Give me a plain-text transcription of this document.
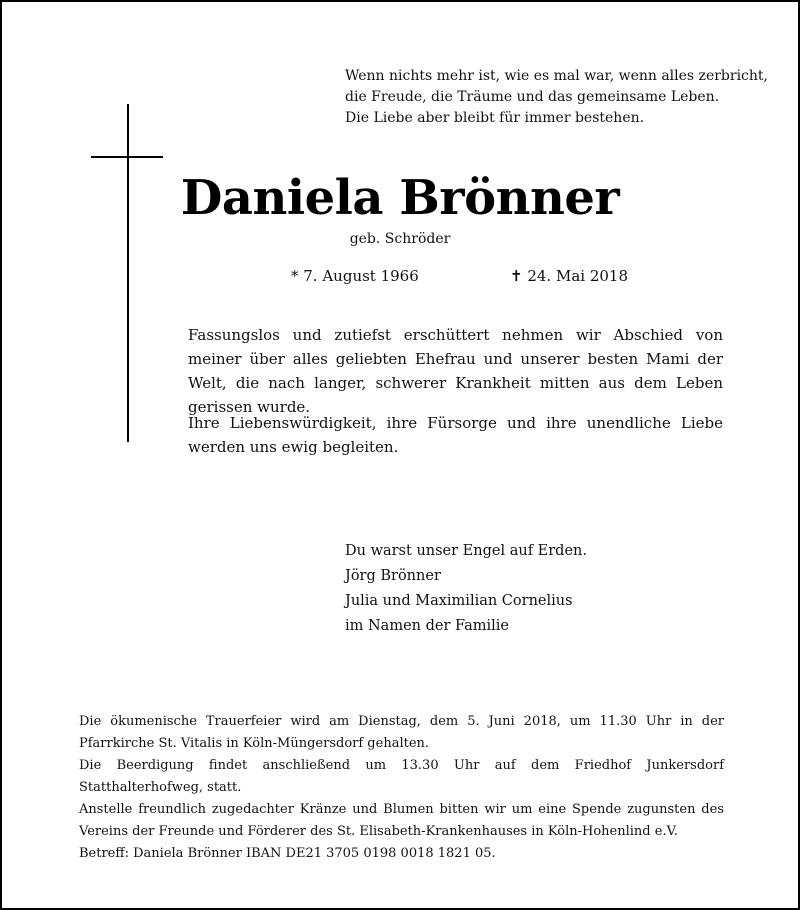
Wenn nichts mehr ist, wie es mal war, wenn alles zerbricht,
die Freude, die Träume und das gemeinsame Leben.
Die Liebe aber bleibt für immer bestehen.
Daniela Brönner
geb. Schröder
* 7. August 1966	✝ 24. Mai 2018
Fassungslos und zutiefst erschüttert nehmen wir Abschied von meiner über alles geliebten Ehefrau und unserer besten Mami der Welt, die nach langer, schwerer Krankheit mitten aus dem Leben gerissen wurde.
Ihre Liebenswürdigkeit, ihre Fürsorge und ihre unendliche Liebe werden uns ewig begleiten.
Du warst unser Engel auf Erden.
Jörg Brönner
Julia und Maximilian Cornelius
im Namen der Familie
Die ökumenische Trauerfeier wird am Dienstag, dem 5. Juni 2018, um 11.30 Uhr in der Pfarrkirche St. Vitalis in Köln-Müngersdorf gehalten.
Die Beerdigung findet anschließend um 13.30 Uhr auf dem Friedhof Junkersdorf Statthalterhofweg, statt.
Anstelle freundlich zugedachter Kränze und Blumen bitten wir um eine Spende zugunsten des Vereins der Freunde und Förderer des St. Elisabeth-Krankenhauses in Köln-Hohenlind e.V.
Betreff: Daniela Brönner IBAN DE21 3705 0198 0018 1821 05.
